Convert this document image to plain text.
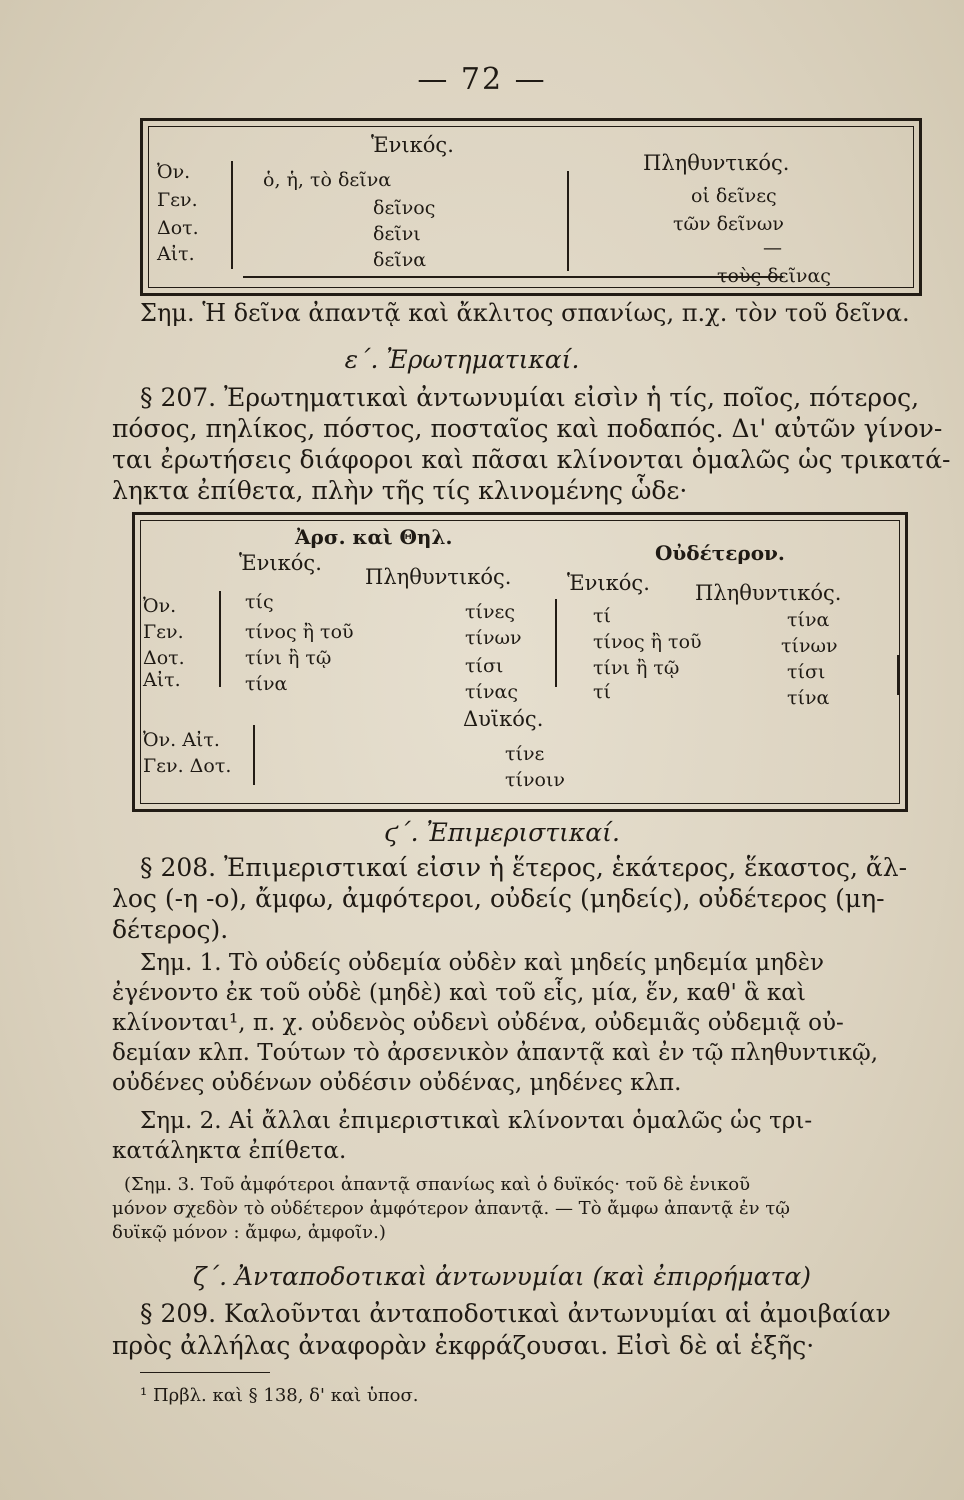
— 72 —
Ἑνικός.
Πληθυντικός.
Ὀν.
Γεν.
Δοτ.
Αἰτ.
ὁ, ἡ, τὸ δεῖνα
δεῖνος
δεῖνι
δεῖνα
οἱ δεῖνες
τῶν δεῖνων
—
τοὺς δεῖνας
Σημ. Ἡ δεῖνα ἀπαντᾷ καὶ ἄκλιτος σπανίως, π.χ. τὸν τοῦ δεῖνα.
ε΄. Ἐρωτηματικαί.
§ 207. Ἐρωτηματικαὶ ἀντωνυμίαι εἰσὶν ἡ τίς, ποῖος, πότερος,
πόσος, πηλίκος, πόστος, ποσταῖος καὶ ποδαπός. Δι' αὐτῶν γίνον-
ται ἐρωτήσεις διάφοροι καὶ πᾶσαι κλίνονται ὁμαλῶς ὡς τρικατά-
ληκτα ἐπίθετα, πλὴν τῆς τίς κλινομένης ὧδε·
Ἀρσ. καὶ Θηλ.
Οὐδέτερον.
Ἑνικός.
Πληθυντικός.	Ἑνικός. Πληθυντικός.
Ὀν.
Γεν.
Δοτ.
Αἰτ.
τίς
τίνος ἢ τοῦ
τίνι ἢ τῷ
τίνα
τίνες
τίνων
τίσι
τίνας
τί
τίνος ἢ τοῦ
τίνι ἢ τῷ
τί
τίνα
τίνων
τίσι
τίνα
Δυϊκός.
Ὀν. Αἰτ.
Γεν. Δοτ.
τίνε
τίνοιν
ϛ΄. Ἐπιμεριστικαί.
§ 208. Ἐπιμεριστικαί εἰσιν ἡ ἕτερος, ἑκάτερος, ἕκαστος, ἄλ-
λος (-η -ο), ἄμφω, ἀμφότεροι, οὐδείς (μηδείς), οὐδέτερος (μη-
δέτερος).
Σημ. 1. Τὸ οὐδείς οὐδεμία οὐδὲν καὶ μηδείς μηδεμία μηδὲν
ἐγένοντο ἐκ τοῦ οὐδὲ (μηδὲ) καὶ τοῦ εἷς, μία, ἕν, καθ' ἃ καὶ
κλίνονται¹, π. χ. οὐδενὸς οὐδενὶ οὐδένα, οὐδεμιᾶς οὐδεμιᾷ οὐ-
δεμίαν κλπ. Τούτων τὸ ἀρσενικὸν ἀπαντᾷ καὶ ἐν τῷ πληθυντικῷ,
οὐδένες οὐδένων οὐδέσιν οὐδένας, μηδένες κλπ.
Σημ. 2. Αἱ ἄλλαι ἐπιμεριστικαὶ κλίνονται ὁμαλῶς ὡς τρι-
κατάληκτα ἐπίθετα.
(Σημ. 3. Τοῦ ἀμφότεροι ἀπαντᾷ σπανίως καὶ ὁ δυϊκός· τοῦ δὲ ἑνικοῦ
μόνον σχεδὸν τὸ οὐδέτερον ἀμφότερον ἀπαντᾷ. — Τὸ ἄμφω ἀπαντᾷ ἐν τῷ
δυϊκῷ μόνον : ἄμφω, ἀμφοῖν.)
ζ΄. Ἀνταποδοτικαὶ ἀντωνυμίαι (καὶ ἐπιρρήματα)
§ 209. Καλοῦνται ἀνταποδοτικαὶ ἀντωνυμίαι αἱ ἀμοιβαίαν
πρὸς ἀλλήλας ἀναφορὰν ἐκφράζουσαι. Εἰσὶ δὲ αἱ ἑξῆς·
¹ Πρβλ. καὶ § 138, δ' καὶ ὑποσ.
